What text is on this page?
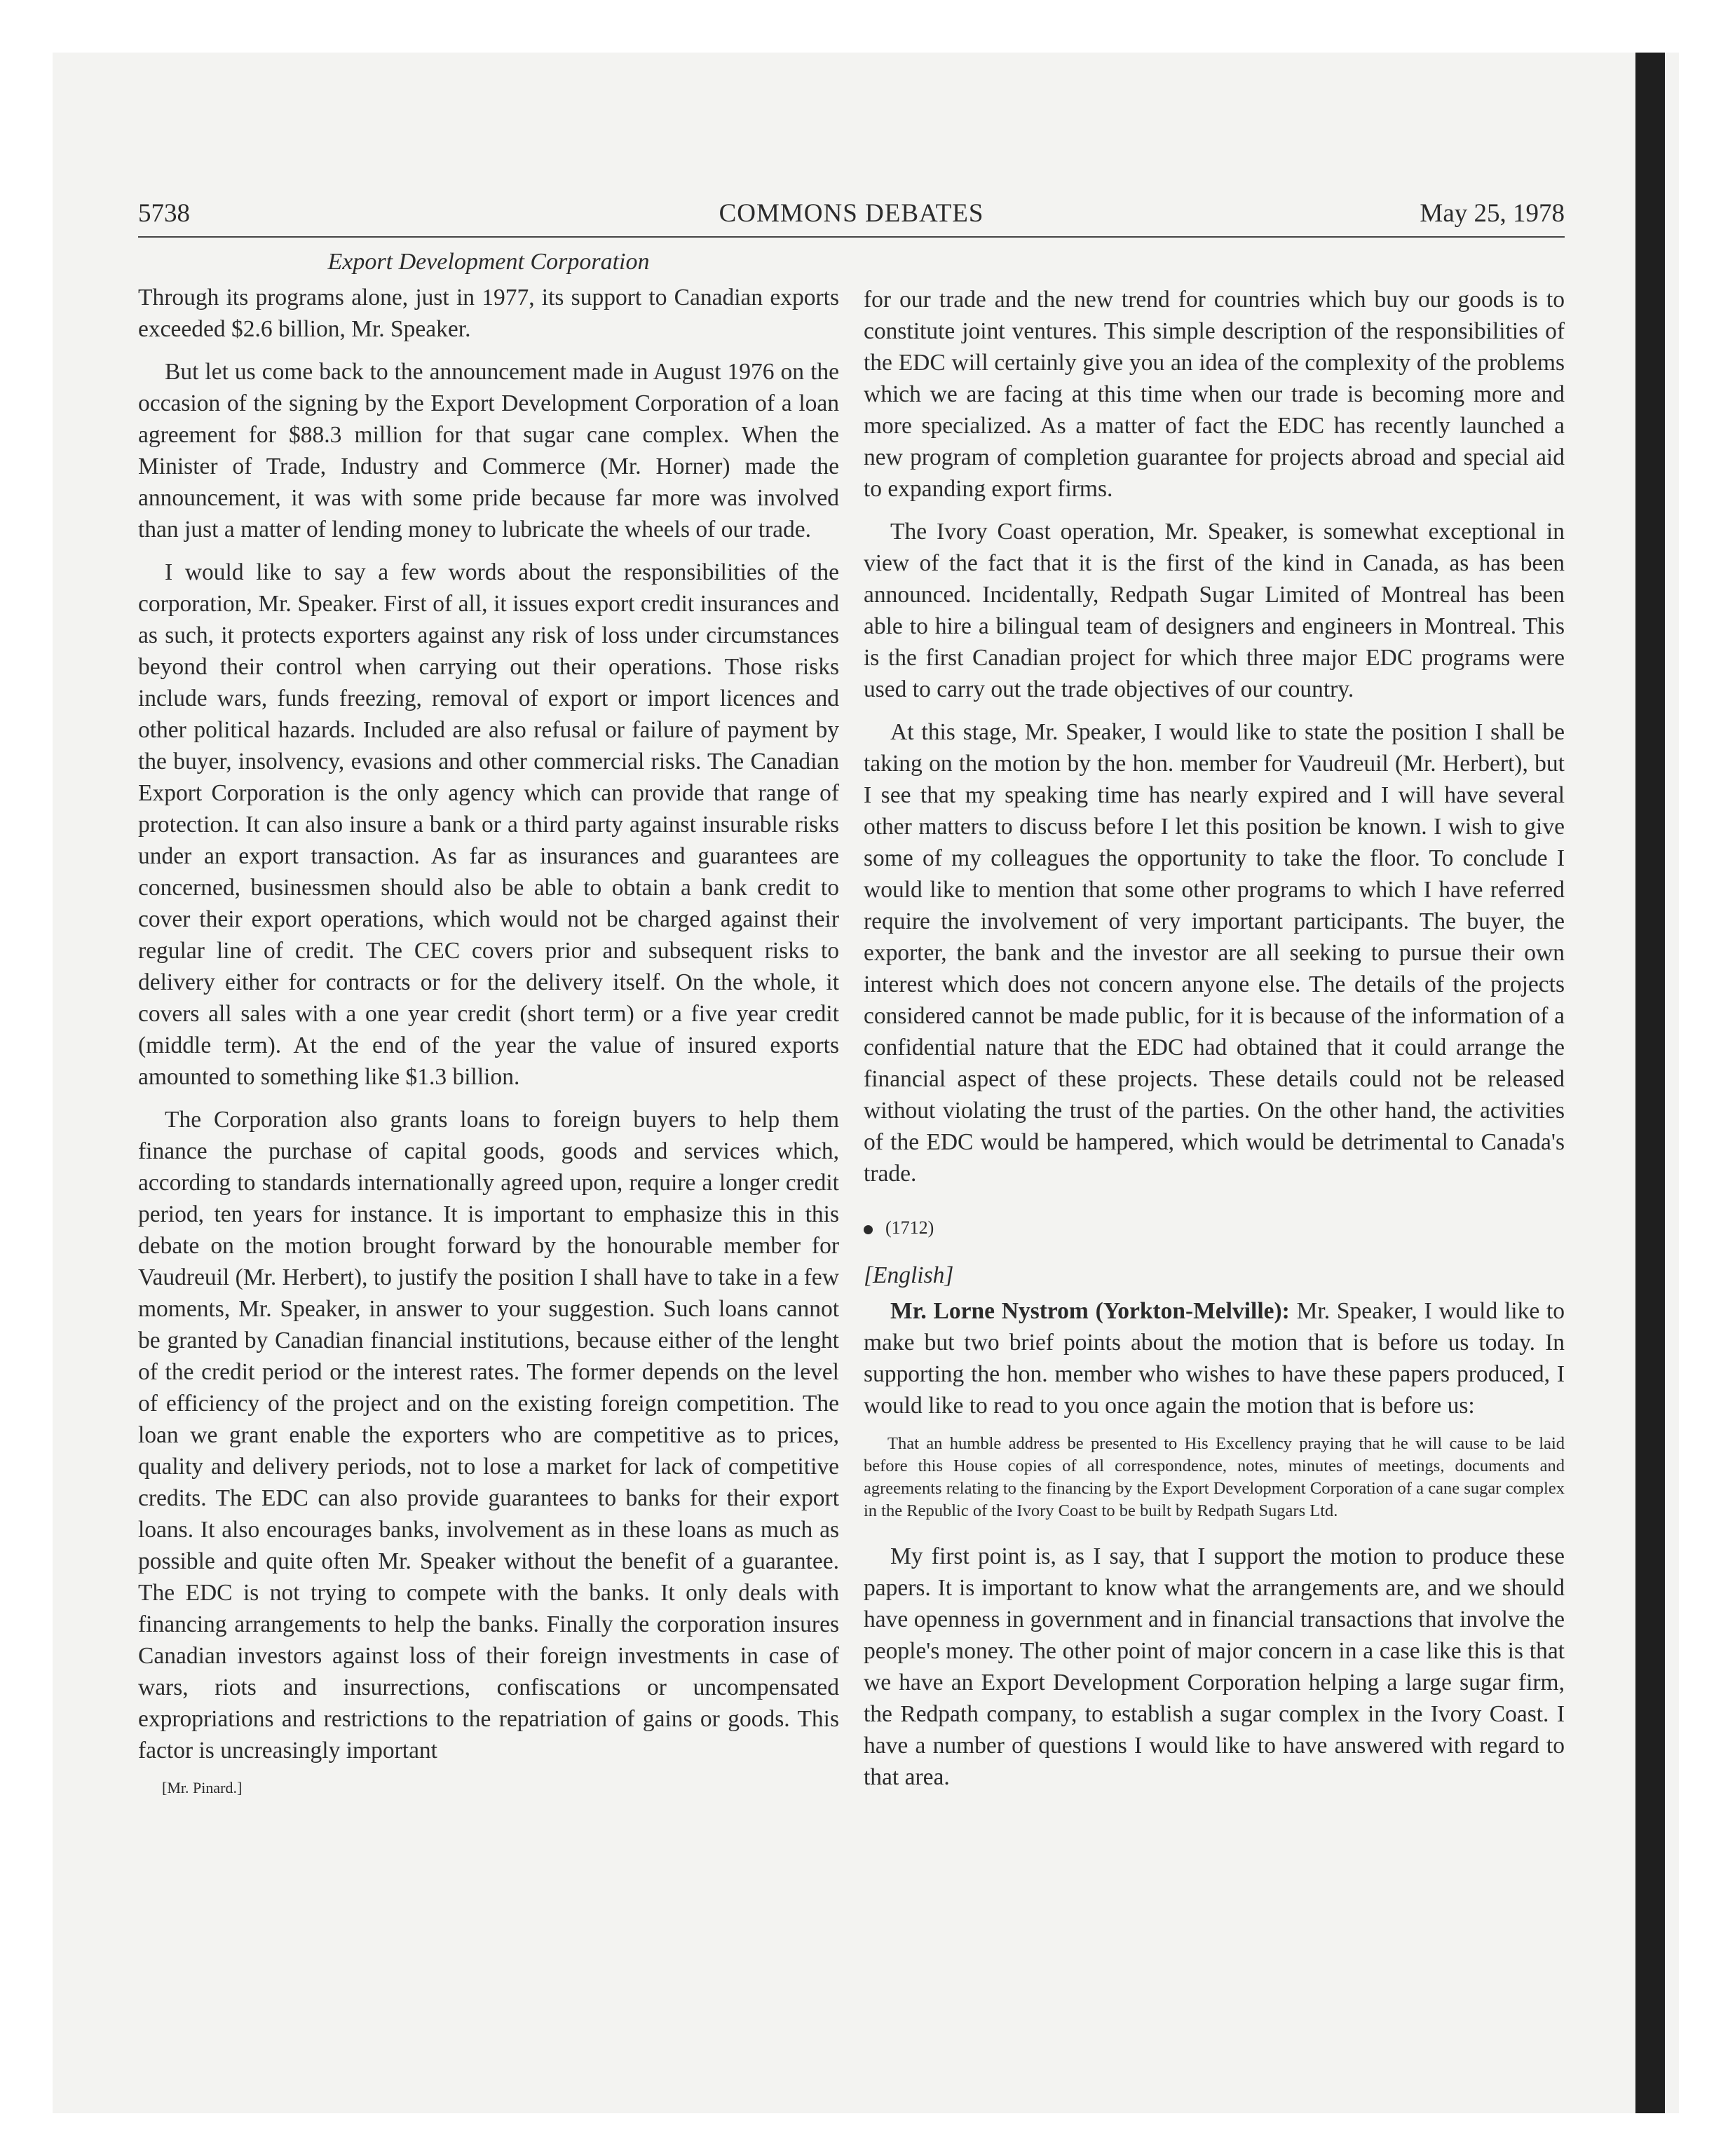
5738	COMMONS DEBATES	May 25, 1978
Export Development Corporation

Through its programs alone, just in 1977, its support to Canadian exports exceeded $2.6 billion, Mr. Speaker.

But let us come back to the announcement made in August 1976 on the occasion of the signing by the Export Development Corporation of a loan agreement for $88.3 million for that sugar cane complex. When the Minister of Trade, Industry and Commerce (Mr. Horner) made the announcement, it was with some pride because far more was involved than just a matter of lending money to lubricate the wheels of our trade.

I would like to say a few words about the responsibilities of the corporation, Mr. Speaker. First of all, it issues export credit insurances and as such, it protects exporters against any risk of loss under circumstances beyond their control when carrying out their operations. Those risks include wars, funds freezing, removal of export or import licences and other political hazards. Included are also refusal or failure of payment by the buyer, insolvency, evasions and other commercial risks. The Canadian Export Corporation is the only agency which can provide that range of protection. It can also insure a bank or a third party against insurable risks under an export transaction. As far as insurances and guarantees are concerned, businessmen should also be able to obtain a bank credit to cover their export operations, which would not be charged against their regular line of credit. The CEC covers prior and subsequent risks to delivery either for contracts or for the delivery itself. On the whole, it covers all sales with a one year credit (short term) or a five year credit (middle term). At the end of the year the value of insured exports amounted to something like $1.3 billion.

The Corporation also grants loans to foreign buyers to help them finance the purchase of capital goods, goods and services which, according to standards internationally agreed upon, require a longer credit period, ten years for instance. It is important to emphasize this in this debate on the motion brought forward by the honourable member for Vaudreuil (Mr. Herbert), to justify the position I shall have to take in a few moments, Mr. Speaker, in answer to your suggestion. Such loans cannot be granted by Canadian financial institutions, because either of the lenght of the credit period or the interest rates. The former depends on the level of efficiency of the project and on the existing foreign competition. The loan we grant enable the exporters who are competitive as to prices, quality and delivery periods, not to lose a market for lack of competitive credits. The EDC can also provide guarantees to banks for their export loans. It also encourages banks, involvement as in these loans as much as possible and quite often Mr. Speaker without the benefit of a guarantee. The EDC is not trying to compete with the banks. It only deals with financing arrangements to help the banks. Finally the corporation insures Canadian investors against loss of their foreign investments in case of wars, riots and insurrections, confiscations or uncompensated expropriations and restrictions to the repatriation of gains or goods. This factor is uncreasingly important

[Mr. Pinard.]

for our trade and the new trend for countries which buy our goods is to constitute joint ventures. This simple description of the responsibilities of the EDC will certainly give you an idea of the complexity of the problems which we are facing at this time when our trade is becoming more and more specialized. As a matter of fact the EDC has recently launched a new program of completion guarantee for projects abroad and special aid to expanding export firms.

The Ivory Coast operation, Mr. Speaker, is somewhat exceptional in view of the fact that it is the first of the kind in Canada, as has been announced. Incidentally, Redpath Sugar Limited of Montreal has been able to hire a bilingual team of designers and engineers in Montreal. This is the first Canadian project for which three major EDC programs were used to carry out the trade objectives of our country.

At this stage, Mr. Speaker, I would like to state the position I shall be taking on the motion by the hon. member for Vaudreuil (Mr. Herbert), but I see that my speaking time has nearly expired and I will have several other matters to discuss before I let this position be known. I wish to give some of my colleagues the opportunity to take the floor. To conclude I would like to mention that some other programs to which I have referred require the involvement of very important participants. The buyer, the exporter, the bank and the investor are all seeking to pursue their own interest which does not concern anyone else. The details of the projects considered cannot be made public, for it is because of the information of a confidential nature that the EDC had obtained that it could arrange the financial aspect of these projects. These details could not be released without violating the trust of the parties. On the other hand, the activities of the EDC would be hampered, which would be detrimental to Canada's trade.

(1712)
[English]

Mr. Lorne Nystrom (Yorkton-Melville): Mr. Speaker, I would like to make but two brief points about the motion that is before us today. In supporting the hon. member who wishes to have these papers produced, I would like to read to you once again the motion that is before us:

That an humble address be presented to His Excellency praying that he will cause to be laid before this House copies of all correspondence, notes, minutes of meetings, documents and agreements relating to the financing by the Export Development Corporation of a cane sugar complex in the Republic of the Ivory Coast to be built by Redpath Sugars Ltd.

My first point is, as I say, that I support the motion to produce these papers. It is important to know what the arrangements are, and we should have openness in government and in financial transactions that involve the people's money. The other point of major concern in a case like this is that we have an Export Development Corporation helping a large sugar firm, the Redpath company, to establish a sugar complex in the Ivory Coast. I have a number of questions I would like to have answered with regard to that area.
